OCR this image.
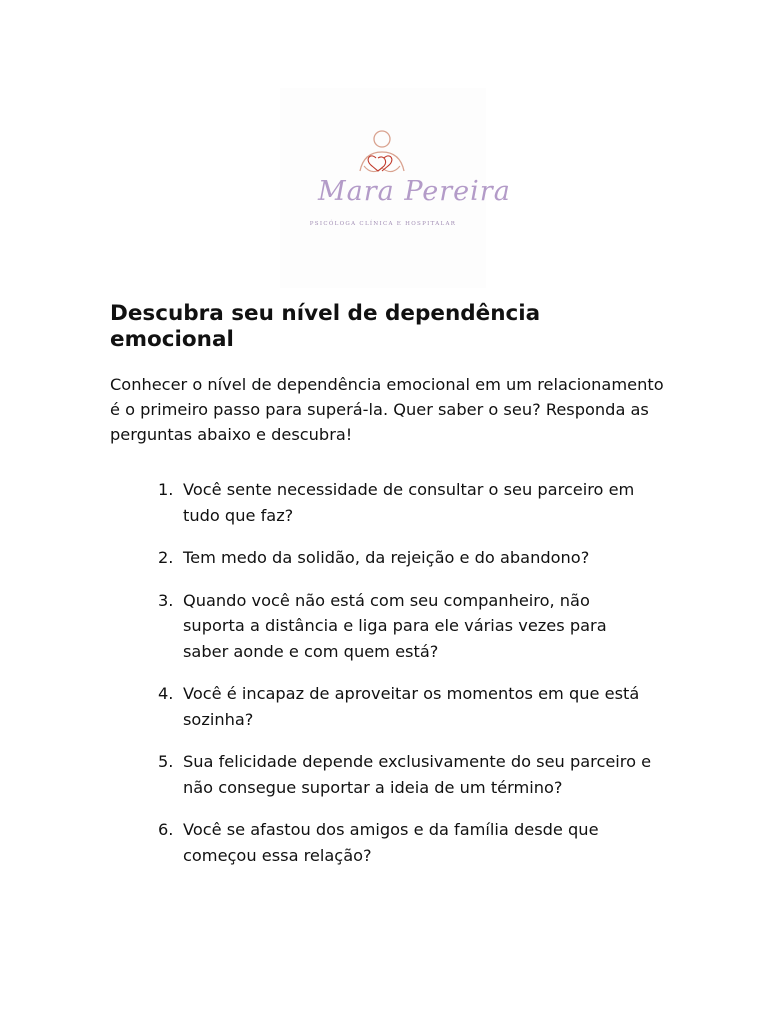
Mara Pereira
PSICÓLOGA CLÍNICA E HOSPITALAR
Descubra seu nível de dependência emocional

Conhecer o nível de dependência emocional em um relacionamento é o primeiro passo para superá-la. Quer saber o seu? Responda as perguntas abaixo e descubra!

1. Você sente necessidade de consultar o seu parceiro em tudo que faz?
2. Tem medo da solidão, da rejeição e do abandono?
3. Quando você não está com seu companheiro, não suporta a distância e liga para ele várias vezes para saber aonde e com quem está?
4. Você é incapaz de aproveitar os momentos em que está sozinha?
5. Sua felicidade depende exclusivamente do seu parceiro e não consegue suportar a ideia de um término?
6. Você se afastou dos amigos e da família desde que começou essa relação?
